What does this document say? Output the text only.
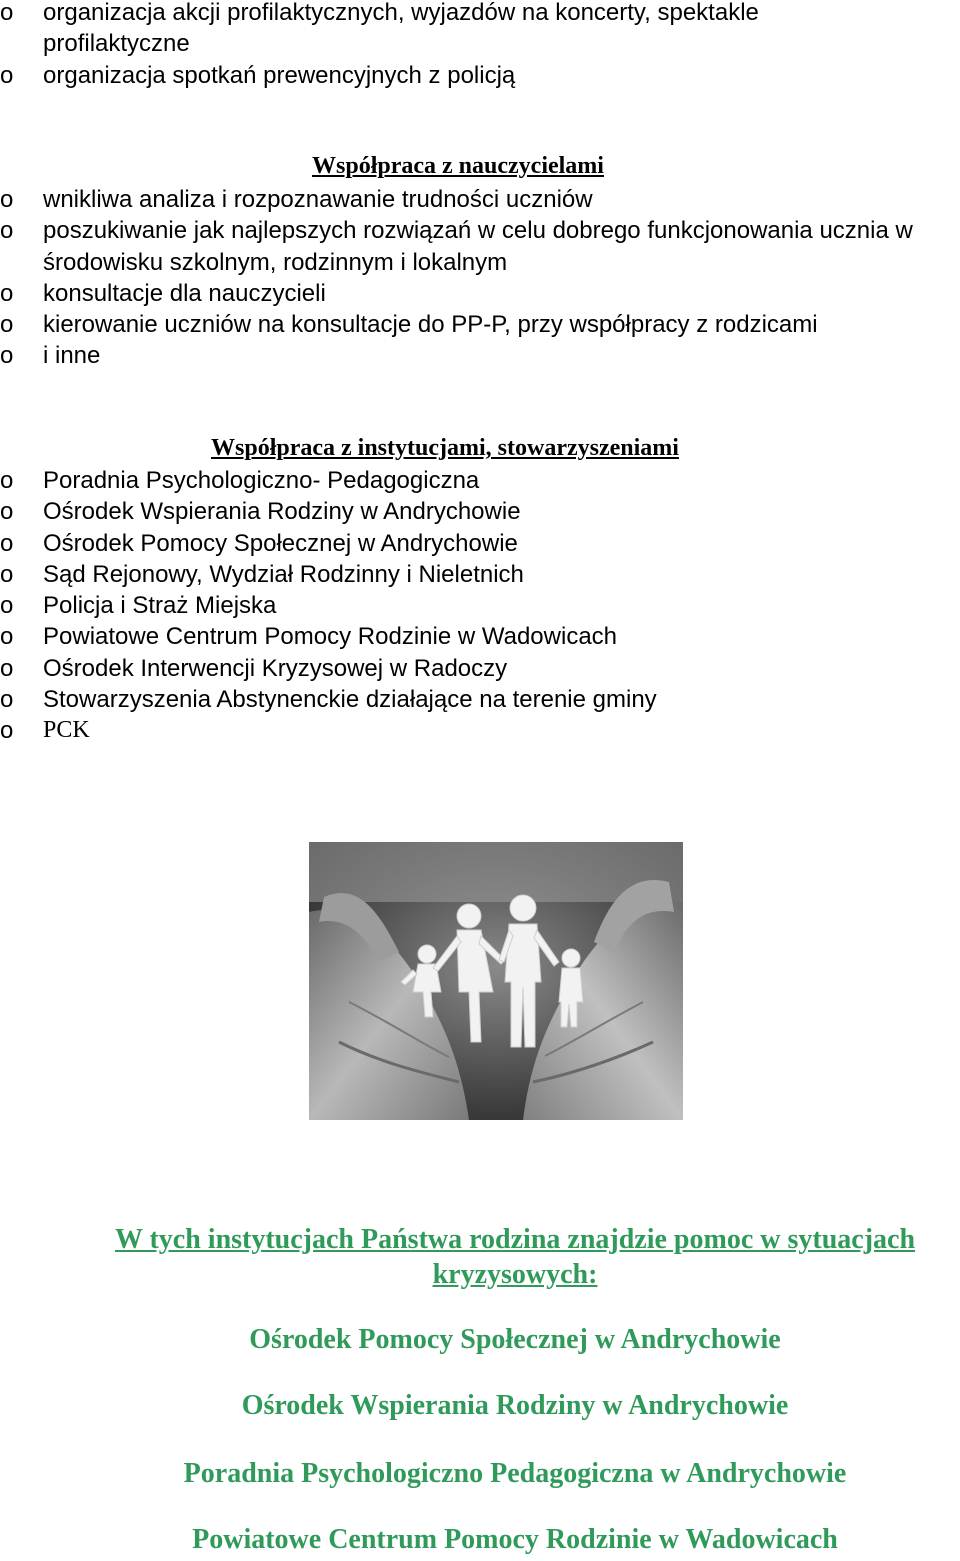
o organizacja akcji profilaktycznych, wyjazdów na koncerty, spektakle profilaktyczne
o organizacja spotkań prewencyjnych z policją
Współpraca z nauczycielami
o wnikliwa analiza i rozpoznawanie trudności uczniów
o poszukiwanie jak najlepszych rozwiązań w celu dobrego funkcjonowania ucznia w środowisku szkolnym, rodzinnym i lokalnym
o konsultacje dla nauczycieli
o kierowanie uczniów na konsultacje do PP-P, przy współpracy z rodzicami
o i inne
Współpraca z instytucjami, stowarzyszeniami
o Poradnia Psychologiczno- Pedagogiczna
o Ośrodek Wspierania Rodziny w Andrychowie
o Ośrodek Pomocy Społecznej w Andrychowie
o Sąd Rejonowy, Wydział Rodzinny i Nieletnich
o Policja i Straż Miejska
o Powiatowe Centrum Pomocy Rodzinie w Wadowicach
o Ośrodek Interwencji Kryzysowej w Radoczy
o Stowarzyszenia Abstynenckie działające na terenie gminy
o PCK
W tych instytucjach Państwa rodzina znajdzie pomoc w sytuacjach kryzysowych:
Ośrodek Pomocy Społecznej w Andrychowie
Ośrodek Wspierania Rodziny w Andrychowie
Poradnia Psychologiczno Pedagogiczna w Andrychowie
Powiatowe Centrum Pomocy Rodzinie w Wadowicach
